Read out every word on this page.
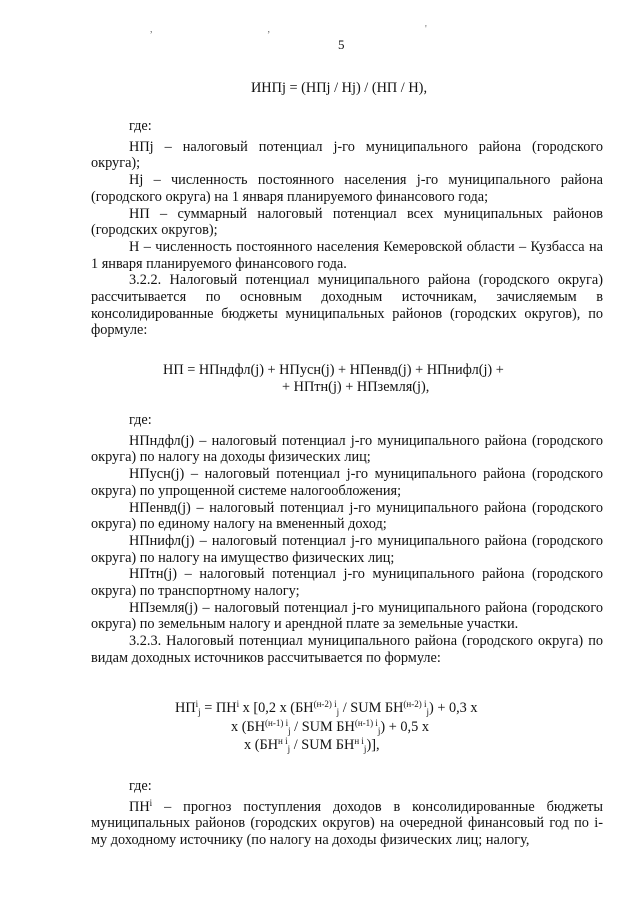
,                                              ,                                                              '
5
ИНПj = (НПj / Нj) / (НП / Н),

где:

НПj – налоговый потенциал j-го муниципального района (городского округа);

Нj – численность постоянного населения j-го муниципального района (городского округа) на 1 января планируемого финансового года;

НП – суммарный налоговый потенциал всех муниципальных районов (городских округов);

Н – численность постоянного населения Кемеровской области – Кузбасса на 1 января планируемого финансового года.

3.2.2. Налоговый потенциал муниципального района (городского округа) рассчитывается по основным доходным источникам, зачисляемым в консолидированные бюджеты муниципальных районов (городских округов), по формуле:

НП = НПндфл(j) + НПусн(j) + НПенвд(j) + НПнифл(j) +

+ НПтн(j) + НПземля(j),

где:

НПндфл(j) – налоговый потенциал j-го муниципального района (городского округа) по налогу на доходы физических лиц;

НПусн(j) – налоговый потенциал j-го муниципального района (городского округа) по упрощенной системе налогообложения;

НПенвд(j) – налоговый потенциал j-го муниципального района (городского округа) по единому налогу на вмененный доход;

НПнифл(j) – налоговый потенциал j-го муниципального района (городского округа) по налогу на имущество физических лиц;

НПтн(j) – налоговый потенциал j-го муниципального района (городского округа) по транспортному налогу;

НПземля(j) – налоговый потенциал j-го муниципального района (городского округа) по земельным налогу и арендной плате за земельные участки.

3.2.3. Налоговый потенциал муниципального района (городского округа) по видам доходных источников рассчитывается по формуле:

$НП^i_j = ПН^i$ x [0,2 x ($БН^{(н-2) i}_j$ / SUM $БН^{(н-2) i}_j) + 0,3$ x

x ($БН^{(н-1) i}_j$ / SUM $БН^{(н-1) i}_j) + 0,5$ x

x ($БН^{н i}_j$ / SUM $БН^{н i}_j$)],

где:

$ПН^i$ – прогноз поступления доходов в консолидированные бюджеты муниципальных районов (городских округов) на очередной финансовый год по i-му доходному источнику (по налогу на доходы физических лиц; налогу,
